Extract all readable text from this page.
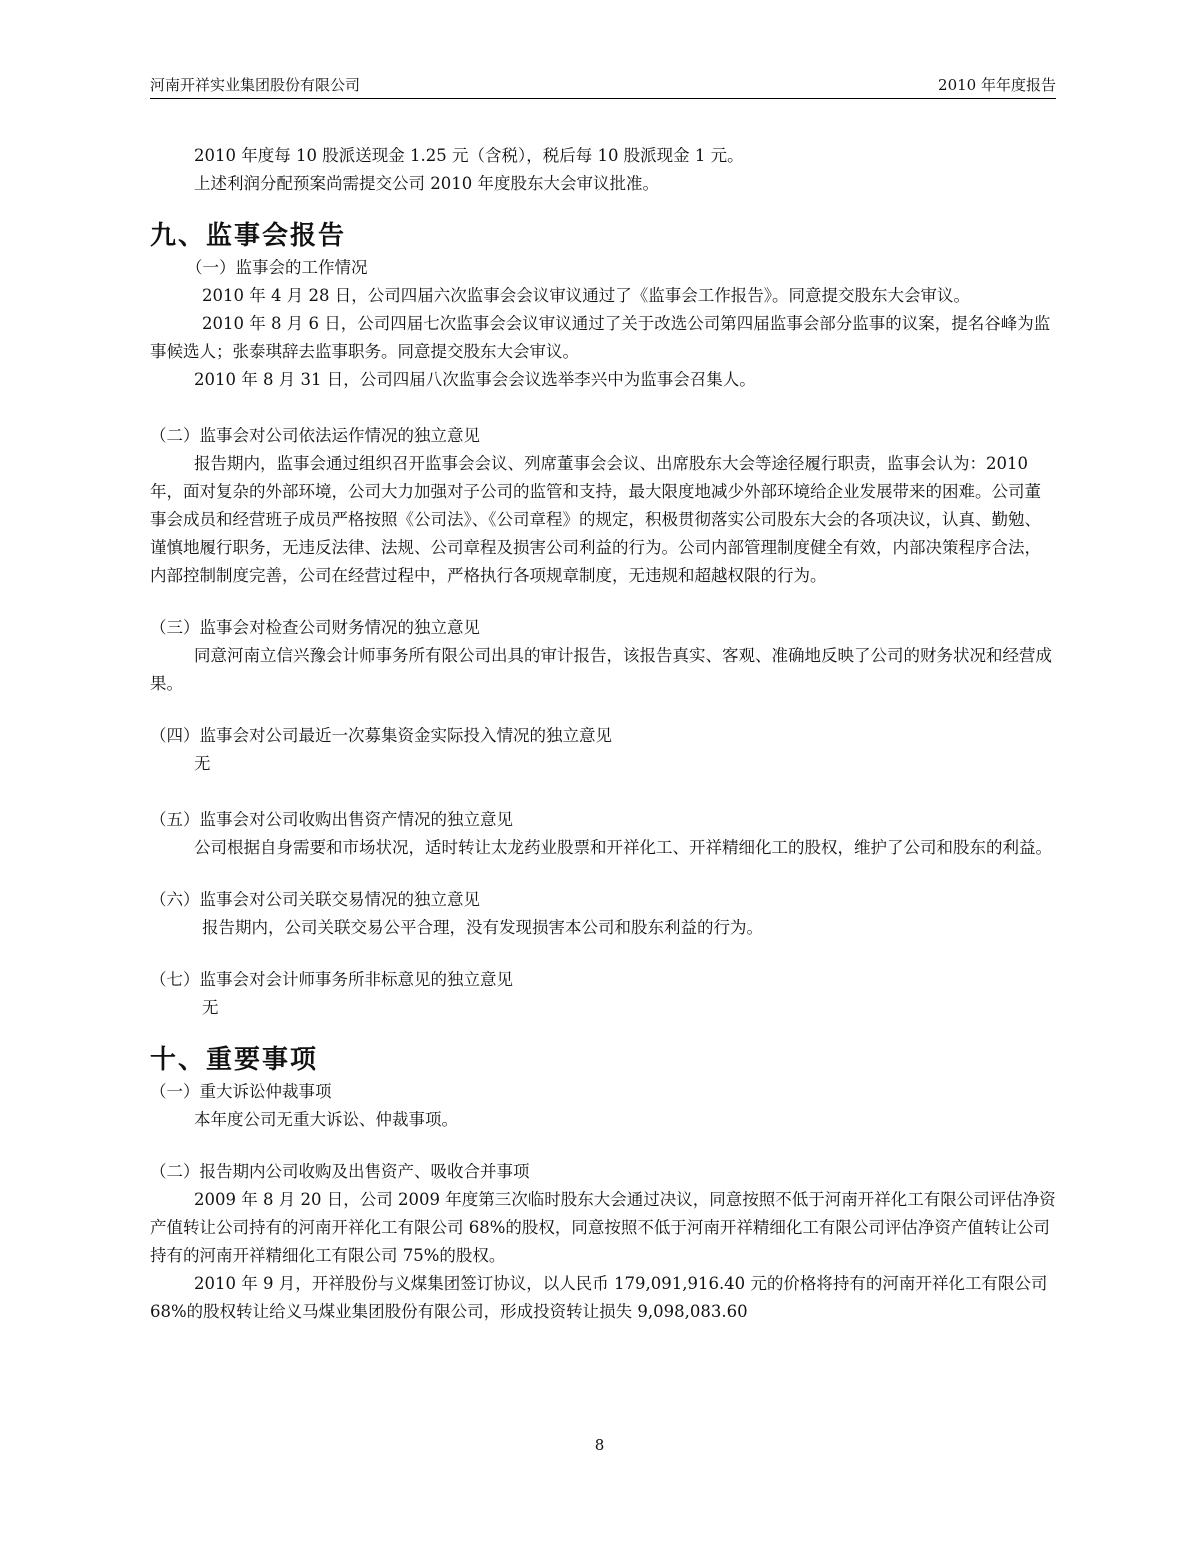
河南开祥实业集团股份有限公司	2010 年年度报告

2010 年度每 10 股派送现金 1.25 元（含税），税后每 10 股派现金 1 元。

上述利润分配预案尚需提交公司 2010 年度股东大会审议批准。

九、监事会报告

（一）监事会的工作情况

2010 年 4 月 28 日，公司四届六次监事会会议审议通过了《监事会工作报告》。同意提交股东大会审议。

2010 年 8 月 6 日，公司四届七次监事会会议审议通过了关于改选公司第四届监事会部分监事的议案，提名谷峰为监事候选人；张泰琪辞去监事职务。同意提交股东大会审议。

2010 年 8 月 31 日，公司四届八次监事会会议选举李兴中为监事会召集人。

（二）监事会对公司依法运作情况的独立意见

报告期内，监事会通过组织召开监事会会议、列席董事会会议、出席股东大会等途径履行职责，监事会认为：2010 年，面对复杂的外部环境，公司大力加强对子公司的监管和支持，最大限度地减少外部环境给企业发展带来的困难。公司董事会成员和经营班子成员严格按照《公司法》、《公司章程》的规定，积极贯彻落实公司股东大会的各项决议，认真、勤勉、谨慎地履行职务，无违反法律、法规、公司章程及损害公司利益的行为。公司内部管理制度健全有效，内部决策程序合法，内部控制制度完善，公司在经营过程中，严格执行各项规章制度，无违规和超越权限的行为。

（三）监事会对检查公司财务情况的独立意见

同意河南立信兴豫会计师事务所有限公司出具的审计报告，该报告真实、客观、准确地反映了公司的财务状况和经营成果。

（四）监事会对公司最近一次募集资金实际投入情况的独立意见

无

（五）监事会对公司收购出售资产情况的独立意见

公司根据自身需要和市场状况，适时转让太龙药业股票和开祥化工、开祥精细化工的股权，维护了公司和股东的利益。

（六）监事会对公司关联交易情况的独立意见

报告期内，公司关联交易公平合理，没有发现损害本公司和股东利益的行为。

（七）监事会对会计师事务所非标意见的独立意见

无

十、重要事项

（一）重大诉讼仲裁事项

本年度公司无重大诉讼、仲裁事项。

（二）报告期内公司收购及出售资产、吸收合并事项

2009 年 8 月 20 日，公司 2009 年度第三次临时股东大会通过决议，同意按照不低于河南开祥化工有限公司评估净资产值转让公司持有的河南开祥化工有限公司 68%的股权，同意按照不低于河南开祥精细化工有限公司评估净资产值转让公司持有的河南开祥精细化工有限公司 75%的股权。

2010 年 9 月，开祥股份与义煤集团签订协议，以人民币 179,091,916.40 元的价格将持有的河南开祥化工有限公司 68%的股权转让给义马煤业集团股份有限公司，形成投资转让损失 9,098,083.60

8
